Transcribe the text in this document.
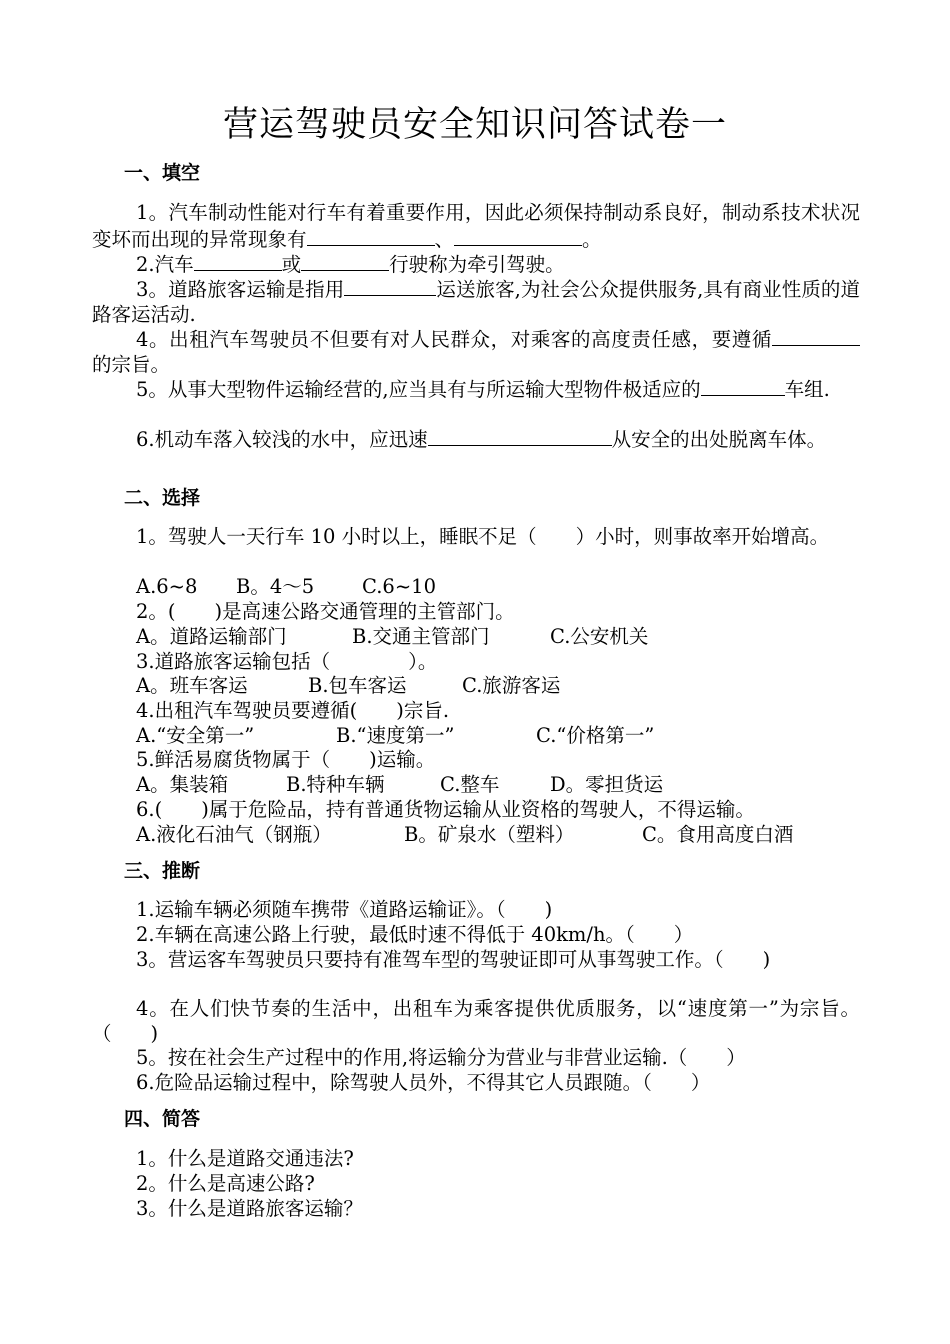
营运驾驶员安全知识问答试卷一
一、填空
1。汽车制动性能对行车有着重要作用，因此必须保持制动系良好，制动系技术状况变坏而出现的异常现象有	、	。
2.汽车	或	行驶称为牵引驾驶。
3。道路旅客运输是指用	运送旅客,为社会公众提供服务,具有商业性质的道路客运活动.
4。出租汽车驾驶员不但要有对人民群众，对乘客的高度责任感，要遵循的宗旨。
5。从事大型物件运输经营的,应当具有与所运输大型物件极适应的	车组.
6.机动车落入较浅的水中，应迅速	从安全的出处脱离车体。
二、选择
1。驾驶人一天行车 10 小时以上，睡眠不足（　　）小时，则事故率开始增高。
A.6~8 B。4～5 C.6~10
2。(　　)是高速公路交通管理的主管部门。
A。道路运输部门	B.交通主管部门	C.公安机关
3.道路旅客运输包括（　　　　）。
A。班车客运	B.包车客运	C.旅游客运
4.出租汽车驾驶员要遵循(　　)宗旨.
A.“安全第一”	B.“速度第一”	C.“价格第一”
5.鲜活易腐货物属于（　　)运输。
A。集装箱	B.特种车辆	C.整车	D。零担货运
6.(　　)属于危险品，持有普通货物运输从业资格的驾驶人，不得运输。
A.液化石油气（钢瓶）	B。矿泉水（塑料）	C。食用高度白酒
三、推断
1.运输车辆必须随车携带《道路运输证》。（　　)
2.车辆在高速公路上行驶，最低时速不得低于 40km/h。（　　）
3。营运客车驾驶员只要持有准驾车型的驾驶证即可从事驾驶工作。（　　)
4。在人们快节奏的生活中，出租车为乘客提供优质服务，以“速度第一”为宗旨。（　　)
5。按在社会生产过程中的作用,将运输分为营业与非营业运输.（　　）
6.危险品运输过程中，除驾驶人员外，不得其它人员跟随。（　　）
四、简答
1。什么是道路交通违法?
2。什么是高速公路?
3。什么是道路旅客运输？
